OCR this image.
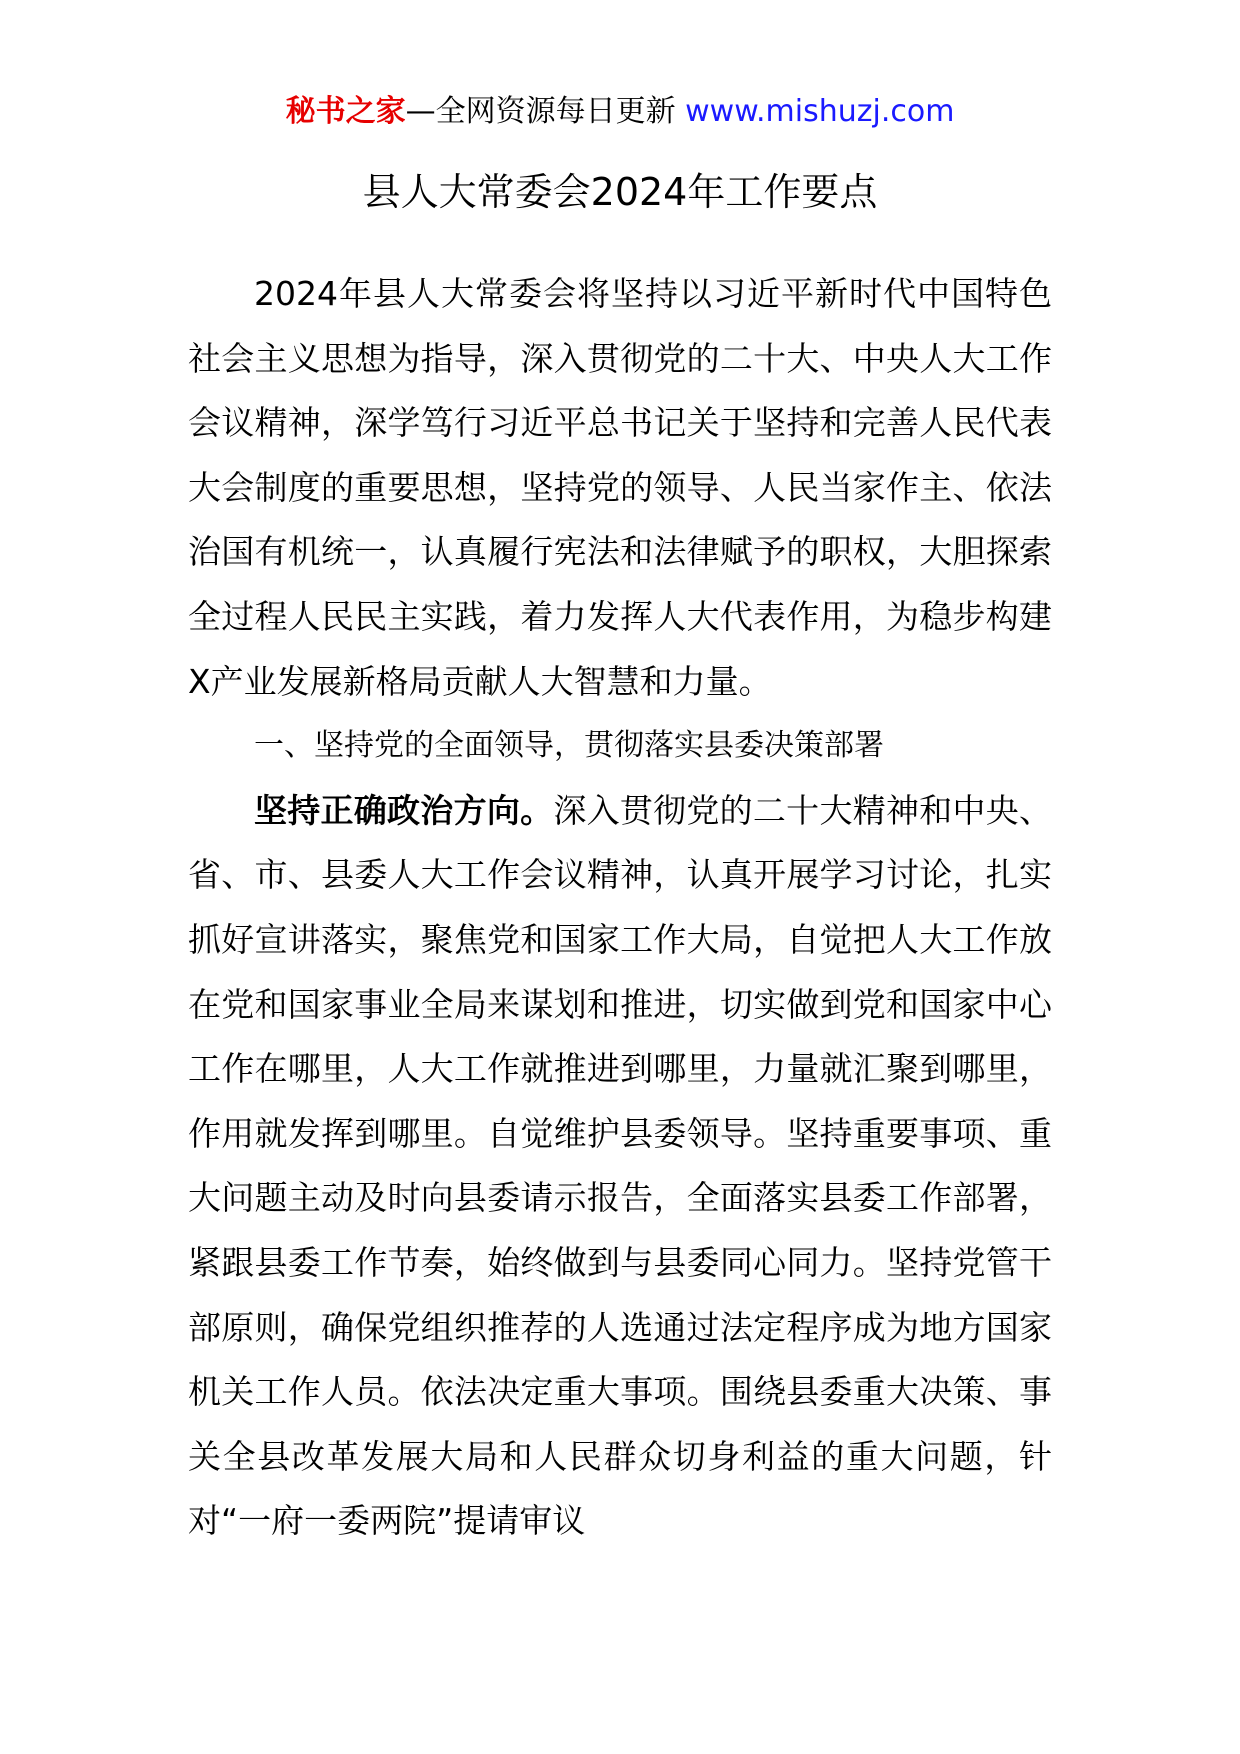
秘书之家—全网资源每日更新 www.mishuzj.com
县人大常委会2024年工作要点

2024年县人大常委会将坚持以习近平新时代中国特色社会主义思想为指导，深入贯彻党的二十大、中央人大工作会议精神，深学笃行习近平总书记关于坚持和完善人民代表大会制度的重要思想，坚持党的领导、人民当家作主、依法治国有机统一，认真履行宪法和法律赋予的职权，大胆探索全过程人民民主实践，着力发挥人大代表作用，为稳步构建X产业发展新格局贡献人大智慧和力量。

一、坚持党的全面领导，贯彻落实县委决策部署

坚持正确政治方向。深入贯彻党的二十大精神和中央、省、市、县委人大工作会议精神，认真开展学习讨论，扎实抓好宣讲落实，聚焦党和国家工作大局，自觉把人大工作放在党和国家事业全局来谋划和推进，切实做到党和国家中心工作在哪里，人大工作就推进到哪里，力量就汇聚到哪里，作用就发挥到哪里。自觉维护县委领导。坚持重要事项、重大问题主动及时向县委请示报告，全面落实县委工作部署，紧跟县委工作节奏，始终做到与县委同心同力。坚持党管干部原则，确保党组织推荐的人选通过法定程序成为地方国家机关工作人员。依法决定重大事项。围绕县委重大决策、事关全县改革发展大局和人民群众切身利益的重大问题，针对“一府一委两院”提请审议
